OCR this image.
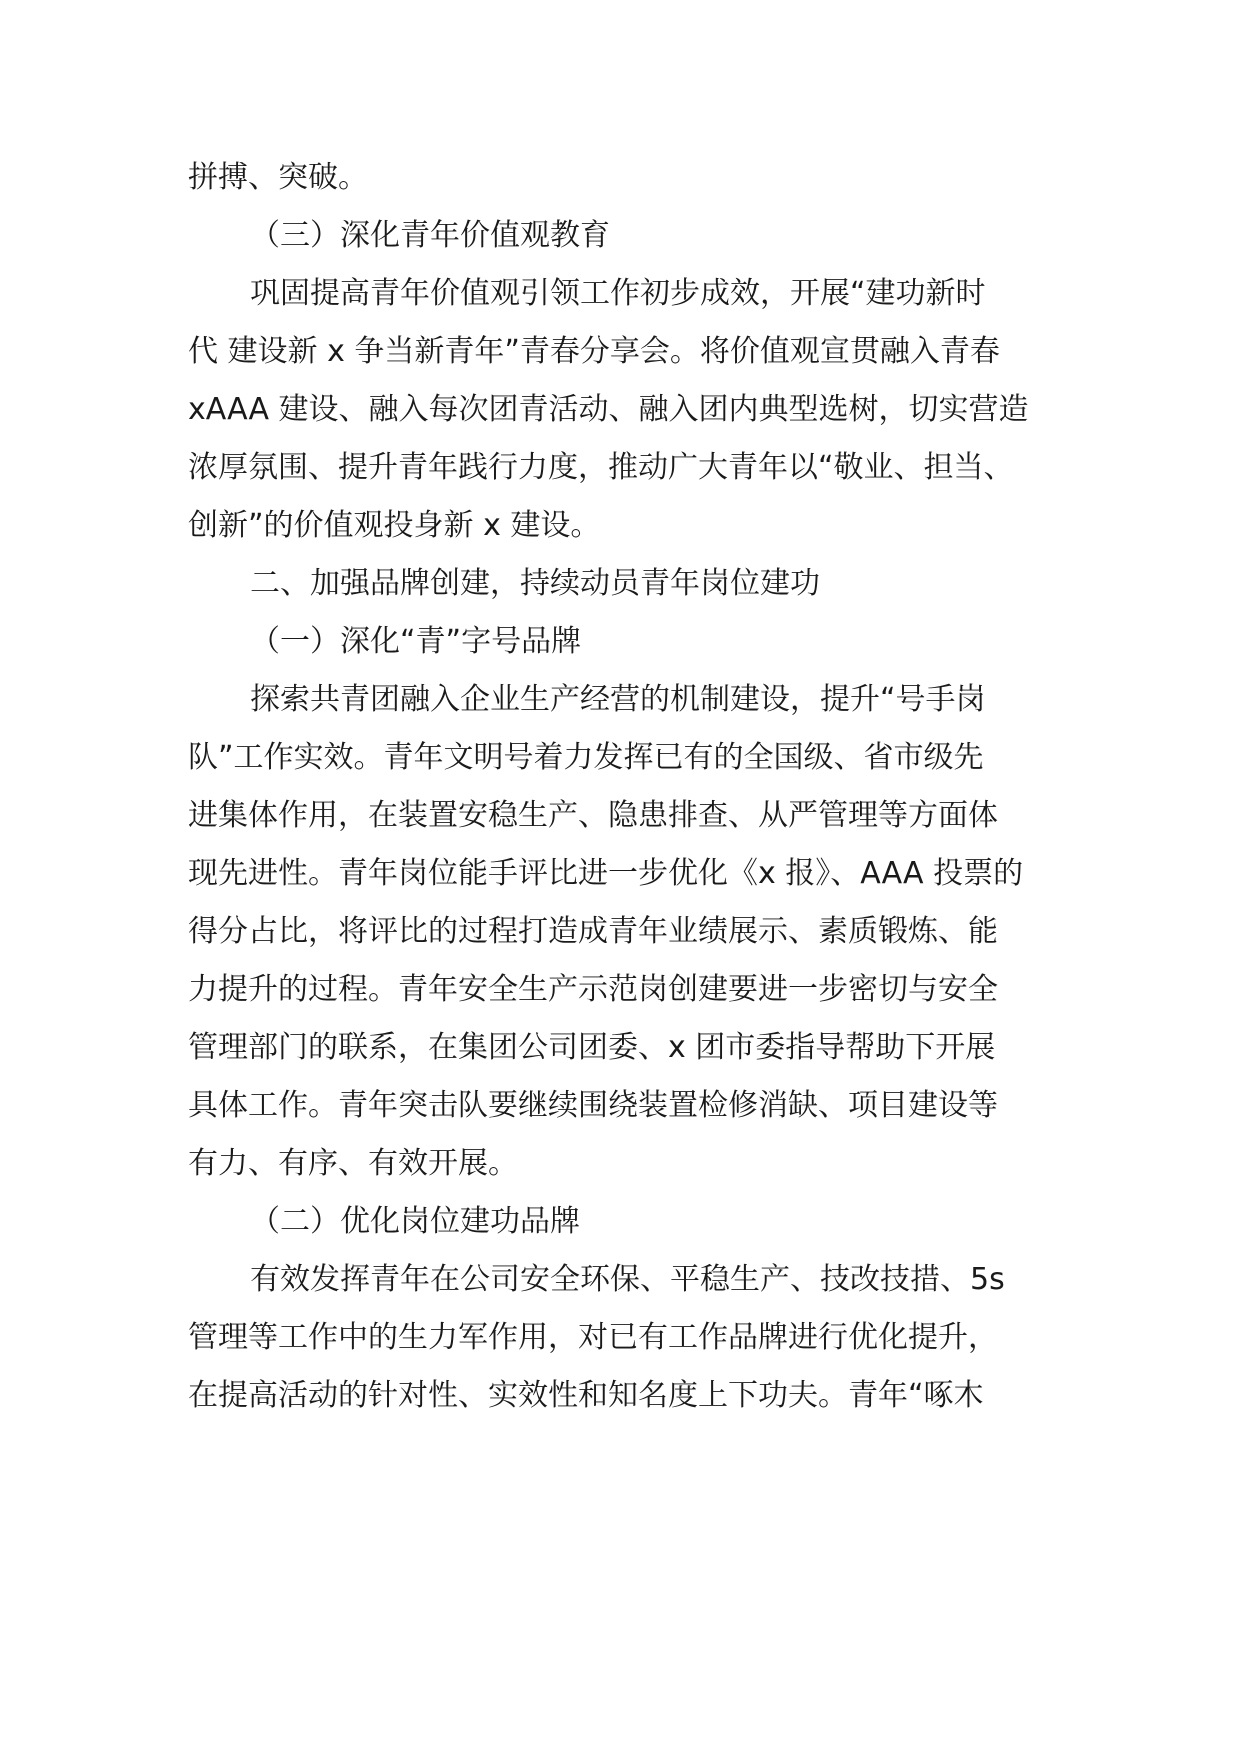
拼搏、突破。

（三）深化青年价值观教育

巩固提高青年价值观引领工作初步成效，开展“建功新时

代 建设新 x 争当新青年”青春分享会。将价值观宣贯融入青春

xAAA 建设、融入每次团青活动、融入团内典型选树，切实营造

浓厚氛围、提升青年践行力度，推动广大青年以“敬业、担当、

创新”的价值观投身新 x 建设。

二、加强品牌创建，持续动员青年岗位建功

（一）深化“青”字号品牌

探索共青团融入企业生产经营的机制建设，提升“号手岗

队”工作实效。青年文明号着力发挥已有的全国级、省市级先

进集体作用，在装置安稳生产、隐患排查、从严管理等方面体

现先进性。青年岗位能手评比进一步优化《x 报》、AAA 投票的

得分占比，将评比的过程打造成青年业绩展示、素质锻炼、能

力提升的过程。青年安全生产示范岗创建要进一步密切与安全

管理部门的联系，在集团公司团委、x 团市委指导帮助下开展

具体工作。青年突击队要继续围绕装置检修消缺、项目建设等

有力、有序、有效开展。

（二）优化岗位建功品牌

有效发挥青年在公司安全环保、平稳生产、技改技措、5s

管理等工作中的生力军作用，对已有工作品牌进行优化提升，

在提高活动的针对性、实效性和知名度上下功夫。青年“啄木
